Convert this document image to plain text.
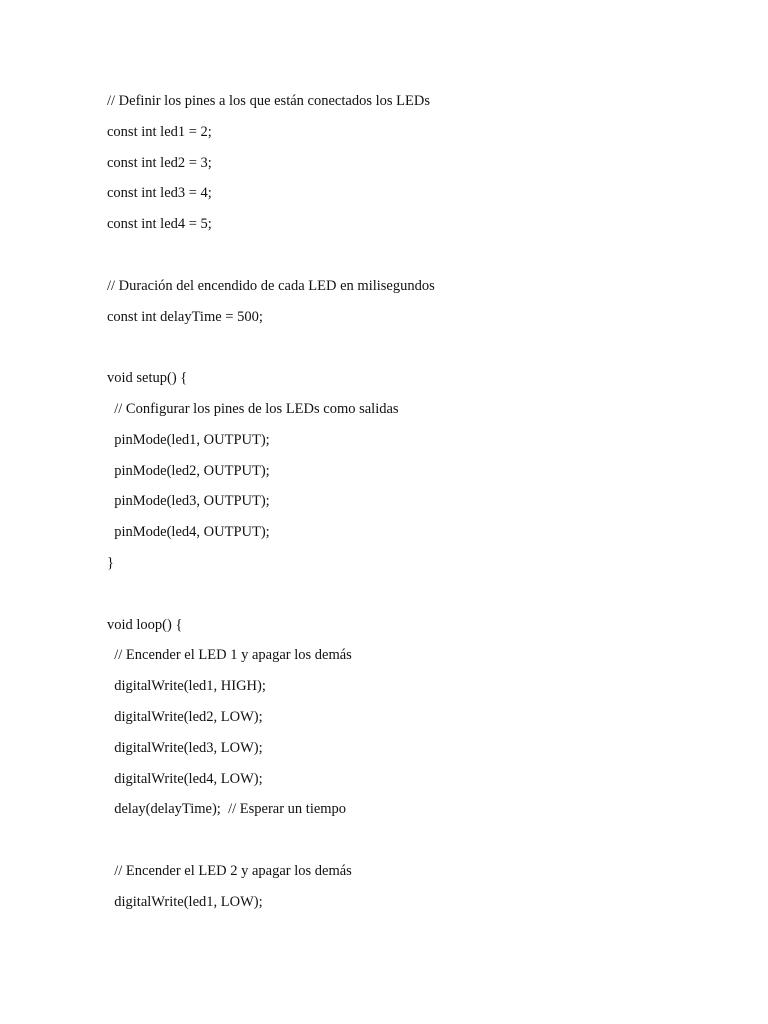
// Definir los pines a los que están conectados los LEDs
const int led1 = 2;
const int led2 = 3;
const int led3 = 4;
const int led4 = 5;
// Duración del encendido de cada LED en milisegundos
const int delayTime = 500;
void setup() {
// Configurar los pines de los LEDs como salidas
pinMode(led1, OUTPUT);
pinMode(led2, OUTPUT);
pinMode(led3, OUTPUT);
pinMode(led4, OUTPUT);
}
void loop() {
// Encender el LED 1 y apagar los demás
digitalWrite(led1, HIGH);
digitalWrite(led2, LOW);
digitalWrite(led3, LOW);
digitalWrite(led4, LOW);
delay(delayTime);  // Esperar un tiempo
// Encender el LED 2 y apagar los demás
digitalWrite(led1, LOW);
